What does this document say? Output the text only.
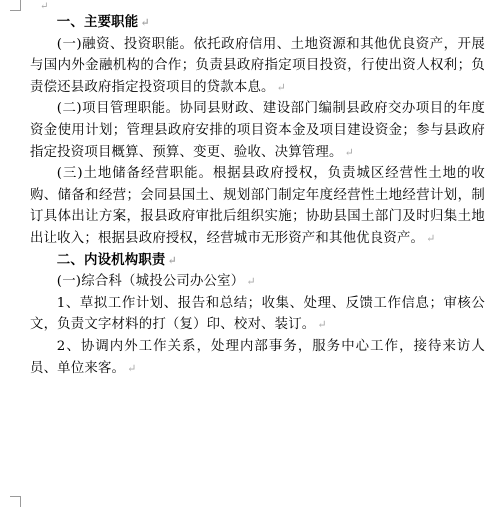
↵

一、主要职能 ↵

(一)融资、投资职能。依托政府信用、土地资源和其他优良资产，开展与国内外金融机构的合作；负责县政府指定项目投资，行使出资人权利；负责偿还县政府指定投资项目的贷款本息。 ↵

(二)项目管理职能。协同县财政、建设部门编制县政府交办项目的年度资金使用计划；管理县政府安排的项目资本金及项目建设资金；参与县政府指定投资项目概算、预算、变更、验收、决算管理。 ↵

(三)土地储备经营职能。根据县政府授权，负责城区经营性土地的收购、储备和经营；会同县国土、规划部门制定年度经营性土地经营计划，制订具体出让方案，报县政府审批后组织实施；协助县国土部门及时归集土地出让收入；根据县政府授权，经营城市无形资产和其他优良资产。 ↵

二、内设机构职责 ↵

(一)综合科（城投公司办公室） ↵

1、草拟工作计划、报告和总结；收集、处理、反馈工作信息；审核公文，负责文字材料的打（复）印、校对、装订。 ↵

2、协调内外工作关系，处理内部事务，服务中心工作，接待来访人员、单位来客。 ↵
